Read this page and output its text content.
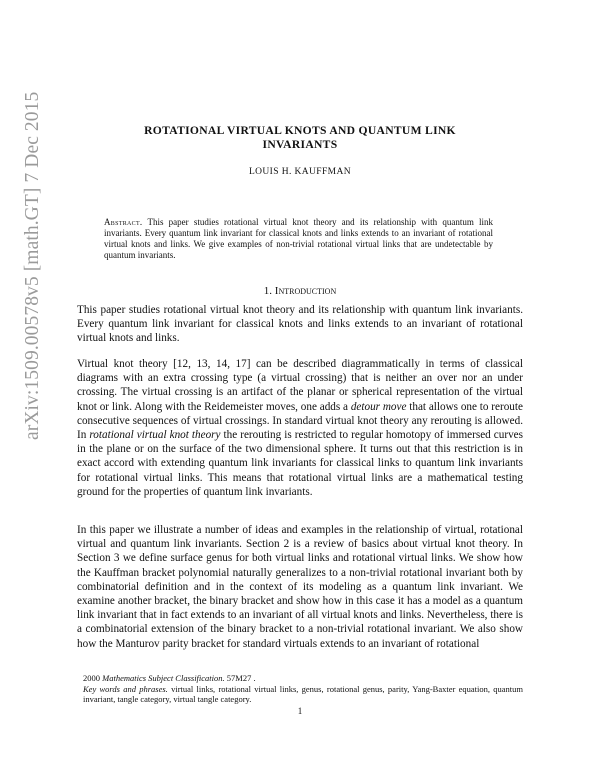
arXiv:1509.00578v5 [math.GT] 7 Dec 2015	ROTATIONAL VIRTUAL KNOTS AND QUANTUM LINK
INVARIANTS
LOUIS H. KAUFFMAN
Abstract. This paper studies rotational virtual knot theory and its relationship with quantum link invariants. Every quantum link invariant for classical knots and links extends to an invariant of rotational virtual knots and links. We give examples of non-trivial rotational virtual links that are undetectable by quantum invariants.
1. Introduction

This paper studies rotational virtual knot theory and its relationship with quantum link invariants. Every quantum link invariant for classical knots and links extends to an invariant of rotational virtual knots and links.

Virtual knot theory [12, 13, 14, 17] can be described diagrammatically in terms of classical diagrams with an extra crossing type (a virtual crossing) that is neither an over nor an under crossing. The virtual crossing is an artifact of the planar or spherical representation of the virtual knot or link. Along with the Reidemeister moves, one adds a detour move that allows one to reroute consecutive sequences of virtual crossings. In standard virtual knot theory any rerouting is allowed. In rotational virtual knot theory the rerouting is restricted to regular homotopy of immersed curves in the plane or on the surface of the two dimensional sphere. It turns out that this restriction is in exact accord with extending quantum link invariants for classical links to quantum link invariants for rotational virtual links. This means that rotational virtual links are a mathematical testing ground for the properties of quantum link invariants.

In this paper we illustrate a number of ideas and examples in the relationship of virtual, rotational virtual and quantum link invariants. Section 2 is a review of basics about virtual knot theory. In Section 3 we define surface genus for both virtual links and rotational virtual links. We show how the Kauffman bracket polynomial naturally generalizes to a non-trivial rotational invariant both by combinatorial definition and in the context of its modeling as a quantum link invariant. We examine another bracket, the binary bracket and show how in this case it has a model as a quantum link invariant that in fact extends to an invariant of all virtual knots and links. Nevertheless, there is a combinatorial extension of the binary bracket to a non-trivial rotational invariant. We also show how the Manturov parity bracket for standard virtuals extends to an invariant of rotational

2000 Mathematics Subject Classification. 57M27 .
Key words and phrases. virtual links, rotational virtual links, genus, rotational genus, parity, Yang-Baxter equation, quantum invariant, tangle category, virtual tangle category.
1
